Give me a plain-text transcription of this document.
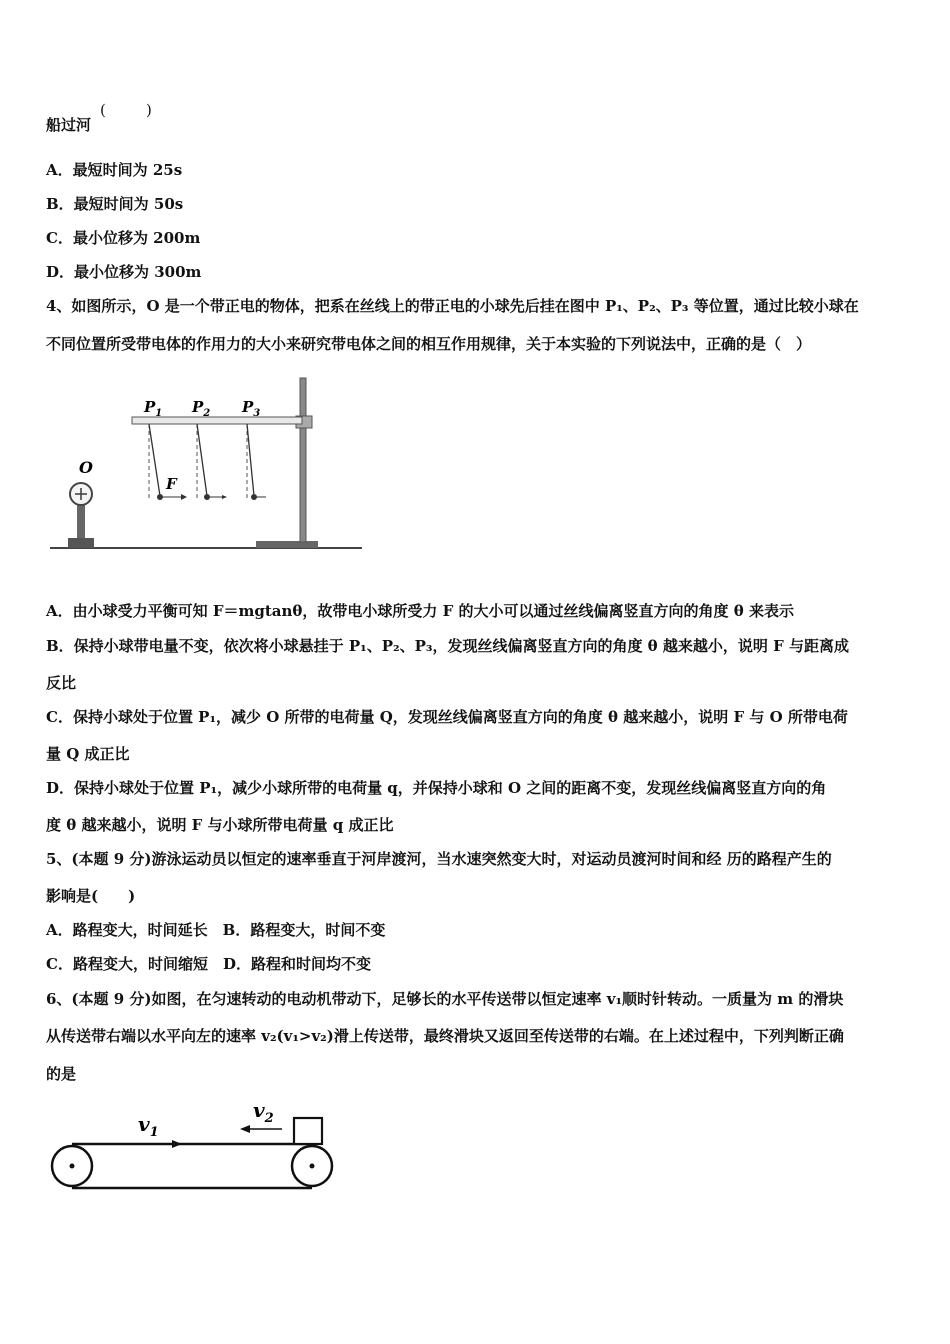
船过河
(	)
A．最短时间为 25s
B．最短时间为 50s
C．最小位移为 200m
D．最小位移为 300m
4、如图所示，O 是一个带正电的物体，把系在丝线上的带正电的小球先后挂在图中 P₁、P₂、P₃ 等位置，通过比较小球在
不同位置所受带电体的作用力的大小来研究带电体之间的相互作用规律，关于本实验的下列说法中，正确的是（　）
O
$P_1$ $P_2$ $P_3$
F
A．由小球受力平衡可知 F＝mgtanθ，故带电小球所受力 F 的大小可以通过丝线偏离竖直方向的角度 θ 来表示
B．保持小球带电量不变，依次将小球悬挂于 P₁、P₂、P₃，发现丝线偏离竖直方向的角度 θ 越来越小，说明 F 与距离成
反比
C．保持小球处于位置 P₁，减少 O 所带的电荷量 Q，发现丝线偏离竖直方向的角度 θ 越来越小，说明 F 与 O 所带电荷
量 Q 成正比
D．保持小球处于位置 P₁，减少小球所带的电荷量 q，并保持小球和 O 之间的距离不变，发现丝线偏离竖直方向的角
度 θ 越来越小，说明 F 与小球所带电荷量 q 成正比
5、(本题 9 分)游泳运动员以恒定的速率垂直于河岸渡河，当水速突然变大时，对运动员渡河时间和经 历的路程产生的
影响是(　　)
A．路程变大，时间延长　B．路程变大，时间不变
C．路程变大，时间缩短　D．路程和时间均不变
6、(本题 9 分)如图，在匀速转动的电动机带动下，足够长的水平传送带以恒定速率 v₁顺时针转动。一质量为 m 的滑块
从传送带右端以水平向左的速率 v₂(v₁>v₂)滑上传送带，最终滑块又返回至传送带的右端。在上述过程中，下列判断正确
的是
$v_1$
$v_2$
